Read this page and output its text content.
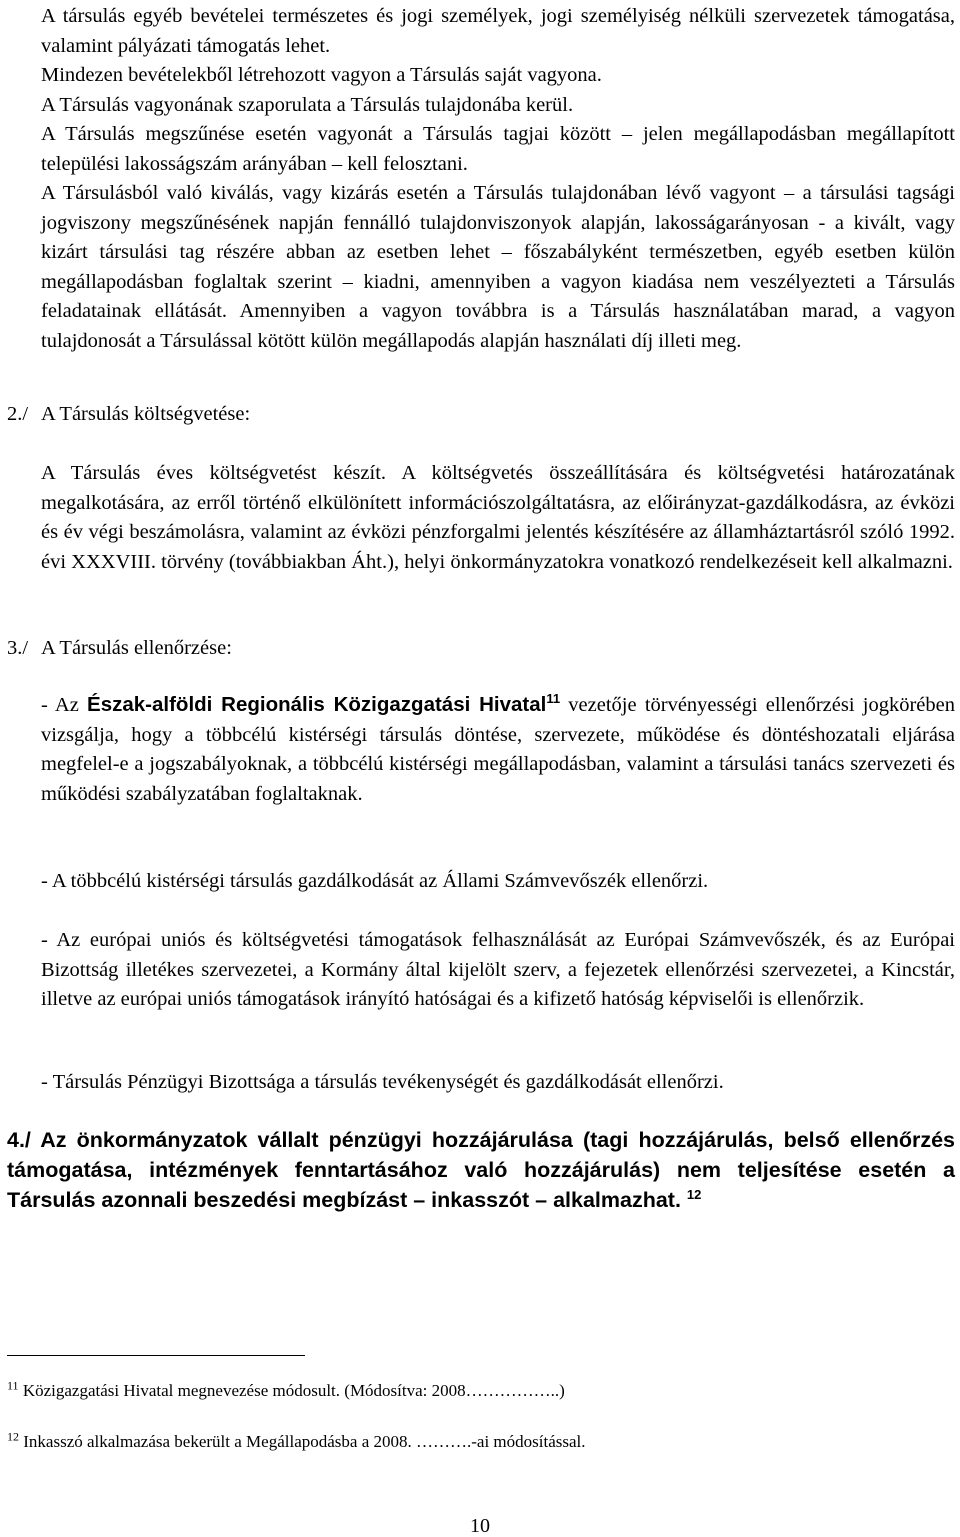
A társulás egyéb bevételei természetes és jogi személyek, jogi személyiség nélküli szervezetek támogatása, valamint pályázati támogatás lehet.

Mindezen bevételekből létrehozott vagyon a Társulás saját vagyona.

A Társulás vagyonának szaporulata a Társulás tulajdonába kerül.

A Társulás megszűnése esetén vagyonát a Társulás tagjai között – jelen megállapodásban megállapított települési lakosságszám arányában – kell felosztani.

A Társulásból való kiválás, vagy kizárás esetén a Társulás tulajdonában lévő vagyont – a társulási tagsági jogviszony megszűnésének napján fennálló tulajdonviszonyok alapján, lakosságarányosan - a kivált, vagy kizárt társulási tag részére abban az esetben lehet – főszabályként természetben, egyéb esetben külön megállapodásban foglaltak szerint – kiadni, amennyiben a vagyon kiadása nem veszélyezteti a Társulás feladatainak ellátását. Amennyiben a vagyon továbbra is a Társulás használatában marad, a vagyon tulajdonosát a Társulással kötött külön megállapodás alapján használati díj illeti meg.

2./ A Társulás költségvetése:

A Társulás éves költségvetést készít. A költségvetés összeállítására és költségvetési határozatának megalkotására, az erről történő elkülönített információszolgáltatásra, az előirányzat-gazdálkodásra, az évközi és év végi beszámolásra, valamint az évközi pénzforgalmi jelentés készítésére az államháztartásról szóló 1992. évi XXXVIII. törvény (továbbiakban Áht.), helyi önkormányzatokra vonatkozó rendelkezéseit kell alkalmazni.

3./ A Társulás ellenőrzése:

- Az Észak-alföldi Regionális Közigazgatási Hivatal$^{11}$ vezetője törvényességi ellenőrzési jogkörében vizsgálja, hogy a többcélú kistérségi társulás döntése, szervezete, működése és döntéshozatali eljárása megfelel-e a jogszabályoknak, a többcélú kistérségi megállapodásban, valamint a társulási tanács szervezeti és működési szabályzatában foglaltaknak.

- A többcélú kistérségi társulás gazdálkodását az Állami Számvevőszék ellenőrzi.

- Az európai uniós és költségvetési támogatások felhasználását az Európai Számvevőszék, és az Európai Bizottság illetékes szervezetei, a Kormány által kijelölt szerv, a fejezetek ellenőrzési szervezetei, a Kincstár, illetve az európai uniós támogatások irányító hatóságai és a kifizető hatóság képviselői is ellenőrzik.

- Társulás Pénzügyi Bizottsága a társulás tevékenységét és gazdálkodását ellenőrzi.

4./ Az önkormányzatok vállalt pénzügyi hozzájárulása (tagi hozzájárulás, belső ellenőrzés támogatása, intézmények fenntartásához való hozzájárulás) nem teljesítése esetén a Társulás azonnali beszedési megbízást – inkasszót – alkalmazhat. $^{12}$

$^{11}$ Közigazgatási Hivatal megnevezése módosult. (Módosítva: 2008……………..)

$^{12}$ Inkasszó alkalmazása bekerült a Megállapodásba a 2008. ……….-ai módosítással.

10
